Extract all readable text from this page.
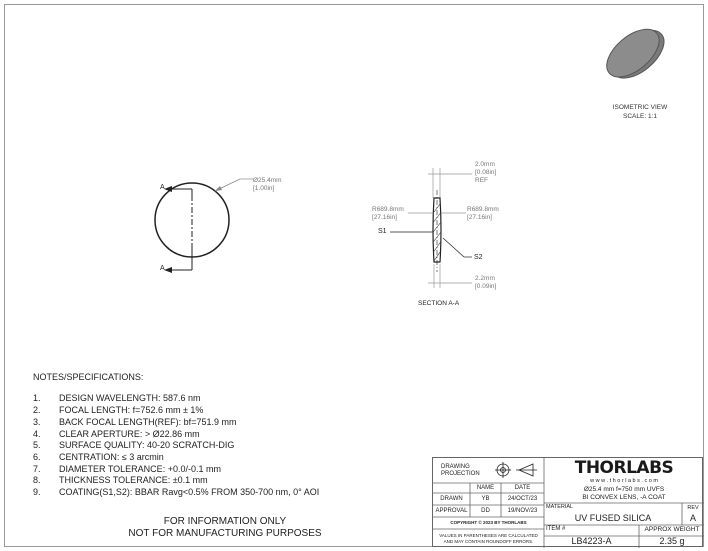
ISOMETRIC VIEW
SCALE: 1:1
A
A
Ø25.4mm
[1.00in]
2.0mm
[0.08in]
REF
R689.8mm
[27.16in]
R689.8mm
[27.16in]
S1
S2
2.2mm
[0.09in]
SECTION A-A
NOTES/SPECIFICATIONS:
1. DESIGN WAVELENGTH: 587.6 nm
2. FOCAL LENGTH: f=752.6 mm ± 1%
3. BACK FOCAL LENGTH(REF): bf=751.9 mm
4. CLEAR APERTURE: > Ø22.86 mm
5. SURFACE QUALITY: 40-20 SCRATCH-DIG
6. CENTRATION: ≤ 3 arcmin
7. DIAMETER TOLERANCE: +0.0/-0.1 mm
8. THICKNESS TOLERANCE: ±0.1 mm
9. COATING(S1,S2): BBAR Ravg<0.5% FROM 350-700 nm, 0° AOI
FOR INFORMATION ONLY
NOT FOR MANUFACTURING PURPOSES
DRAWING
PROJECTION
NAME	DATE
DRAWN	YB	24/OCT/23
APPROVAL	DD	19/NOV/23
COPYRIGHT © 2023 BY THORLABS
VALUES IN PARENTHESES ARE CALCULATED
AND MAY CONTAIN ROUNDOFF ERRORS.
THORLABS
w w w . t h o r l a b s . c o m
Ø25.4 mm f=750 mm UVFS
BI CONVEX LENS, -A COAT
MATERIAL
UV FUSED SILICA
REV
A
ITEM #
LB4223-A
APPROX WEIGHT
2.35 g
